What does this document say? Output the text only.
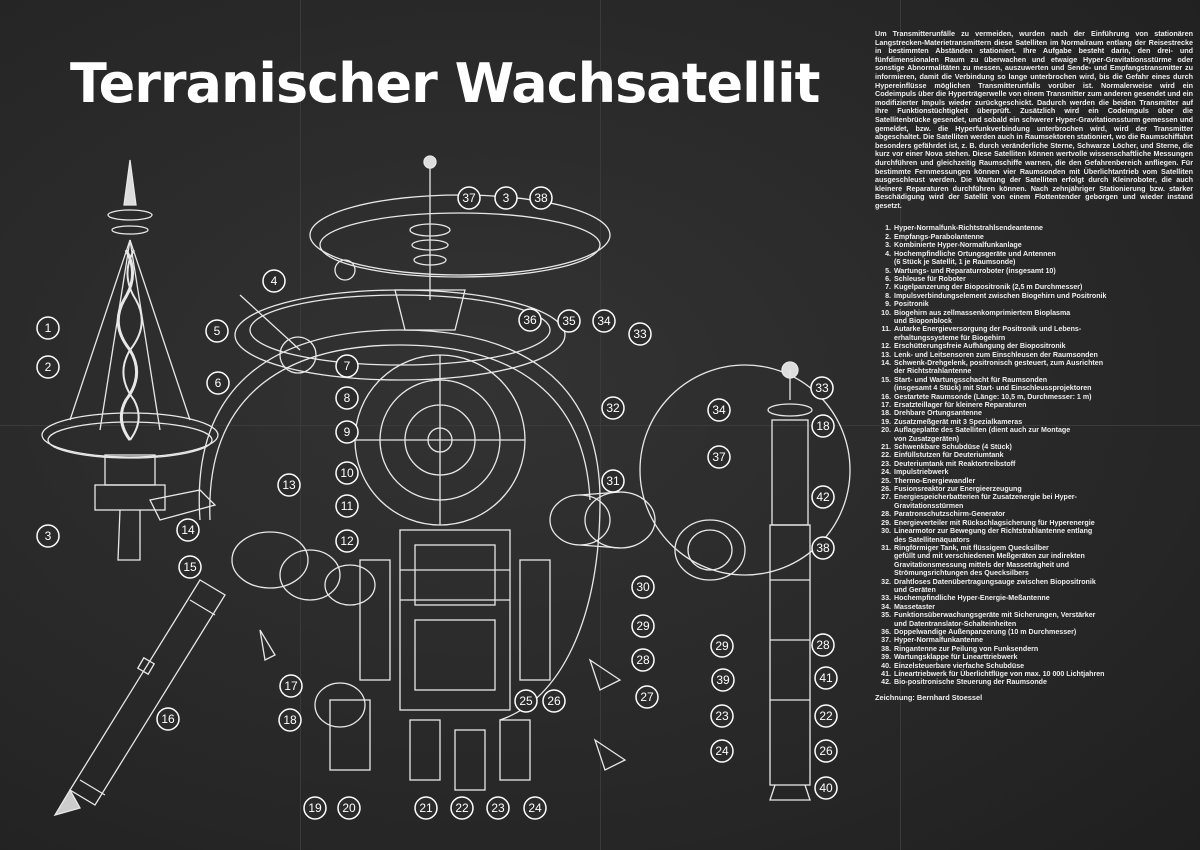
Terranischer Wachsatellit
1
2
3
4
5
6
7
8
9
10
11
12
13
14
15
16
17
18
19 20	21 22 23 24
25 26	27
28
29
30
31
32
33
34
35
36
37 3 38
33
34
18
37
42
38
28
29
39	41
23	22
24	26
40

Um Transmitterunfälle zu vermeiden, wurden nach der Einführung von stationären Langstrecken-Materietransmittern diese Satelliten im Normalraum entlang der Reisestrecke in bestimmten Abständen stationiert. Ihre Aufgabe besteht darin, den drei- und fünfdimensionalen Raum zu überwachen und etwaige Hyper-Gravitationsstürme oder sonstige Abnormalitäten zu messen, auszuwerten und Sende- und Empfangstransmitter zu informieren, damit die Verbindung so lange unterbrochen wird, bis die Gefahr eines durch Hypereinflüsse möglichen Transmitterunfalls vorüber ist. Normalerweise wird ein Codeimpuls über die Hyperträgerwelle von einem Transmitter zum anderen gesendet und ein modifizierter Impuls wieder zurückgeschickt. Dadurch werden die beiden Transmitter auf ihre Funktionstüchtigkeit überprüft. Zusätzlich wird ein Codeimpuls über die Satellitenbrücke gesendet, und sobald ein schwerer Hyper-Gravitationssturm gemessen und gemeldet, bzw. die Hyperfunkverbindung unterbrochen wird, wird der Transmitter abgeschaltet. Die Satelliten werden auch in Raumsektoren stationiert, wo die Raumschiffahrt besonders gefährdet ist, z. B. durch veränderliche Sterne, Schwarze Löcher, und Sterne, die kurz vor einer Nova stehen. Diese Satelliten können wertvolle wissenschaftliche Messungen durchführen und gleichzeitig Raumschiffe warnen, die den Gefahrenbereich anfliegen. Für bestimmte Fernmessungen können vier Raumsonden mit Überlichtantrieb vom Satelliten ausgeschleust werden. Die Wartung der Satelliten erfolgt durch Kleinroboter, die auch kleinere Reparaturen durchführen können. Nach zehnjähriger Stationierung bzw. starker Beschädigung wird der Satellit von einem Flottentender geborgen und wieder instand gesetzt.

1. Hyper-Normalfunk-Richtstrahlsendeantenne
2. Empfangs-Parabolantenne
3. Kombinierte Hyper-Normalfunkanlage
4. Hochempfindliche Ortungsgeräte und Antennen
(6 Stück je Satellit, 1 je Raumsonde)
5. Wartungs- und Reparaturroboter (insgesamt 10)
6. Schleuse für Roboter
7. Kugelpanzerung der Biopositronik (2,5 m Durchmesser)
8. Impulsverbindungselement zwischen Biogehirn und Positronik
9. Positronik
10. Biogehirn aus zellmassenkomprimiertem Bioplasma
und Bioponblock
11. Autarke Energieversorgung der Positronik und Lebens-
erhaltungssysteme für Biogehirn
12. Erschütterungsfreie Aufhängung der Biopositronik
13. Lenk- und Leitsensoren zum Einschleusen der Raumsonden
14. Schwenk-Drehgelenk, positronisch gesteuert, zum Ausrichten
der Richtstrahlantenne
15. Start- und Wartungsschacht für Raumsonden
(insgesamt 4 Stück) mit Start- und Einschleussprojektoren
16. Gestartete Raumsonde (Länge: 10,5 m, Durchmesser: 1 m)
17. Ersatzteillager für kleinere Reparaturen
18. Drehbare Ortungsantenne
19. Zusatzmeßgerät mit 3 Spezialkameras
20. Auflageplatte des Satelliten (dient auch zur Montage
von Zusatzgeräten)
21. Schwenkbare Schubdüse (4 Stück)
22. Einfüllstutzen für Deuteriumtank
23. Deuteriumtank mit Reaktortreibstoff
24. Impulstriebwerk
25. Thermo-Energiewandler
26. Fusionsreaktor zur Energieerzeugung
27. Energiespeicherbatterien für Zusatzenergie bei Hyper-
Gravitationsstürmen
28. Paratronschutzschirm-Generator
29. Energieverteiler mit Rückschlagsicherung für Hyperenergie
30. Linearmotor zur Bewegung der Richtstrahlantenne entlang
des Satellitenäquators
31. Ringförmiger Tank, mit flüssigem Quecksilber
gefüllt und mit verschiedenen Meßgeräten zur indirekten
Gravitationsmessung mittels der Masseträgheit und
Strömungsrichtungen des Quecksilbers
32. Drahtloses Datenübertragungsauge zwischen Biopositronik
und Geräten
33. Hochempfindliche Hyper-Energie-Meßantenne
34. Massetaster
35. Funktionsüberwachungsgeräte mit Sicherungen, Verstärker
und Datentranslator-Schalteinheiten
36. Doppelwandige Außenpanzerung (10 m Durchmesser)
37. Hyper-Normalfunkantenne
38. Ringantenne zur Peilung von Funksendern
39. Wartungsklappe für Linearttriebwerk
40. Einzelsteuerbare vierfache Schubdüse
41. Lineartriebwerk für Überlichtflüge von max. 10 000 Lichtjahren
42. Bio-positronische Steuerung der Raumsonde
Zeichnung: Bernhard Stoessel
